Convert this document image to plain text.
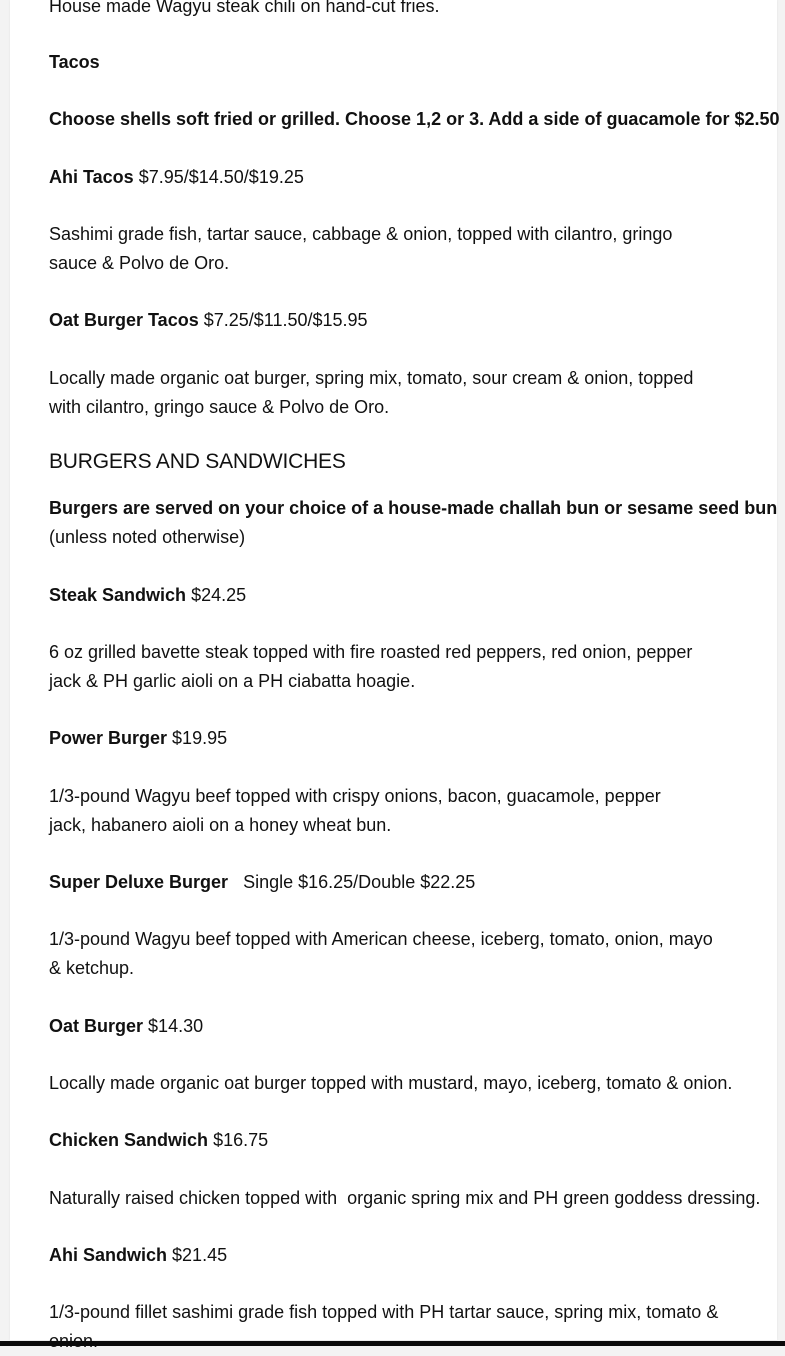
House made Wagyu steak chili on hand-cut fries.
Tacos
Choose shells soft fried or grilled. Choose 1,2 or 3. Add a side of guacamole for $2.50
Ahi Tacos $7.95/$14.50/$19.25
Sashimi grade fish, tartar sauce, cabbage & onion, topped with cilantro, gringo sauce & Polvo de Oro.
Oat Burger Tacos $7.25/$11.50/$15.95
Locally made organic oat burger, spring mix, tomato, sour cream & onion, topped with cilantro, gringo sauce & Polvo de Oro.
BURGERS AND SANDWICHES
Burgers are served on your choice of a house-made challah bun or sesame seed bun
(unless noted otherwise)
Steak Sandwich $24.25
6 oz grilled bavette steak topped with fire roasted red peppers, red onion, pepper jack & PH garlic aioli on a PH ciabatta hoagie.
Power Burger $19.95
1/3-pound Wagyu beef topped with crispy onions, bacon, guacamole, pepper jack, habanero aioli on a honey wheat bun.
Super Deluxe Burger Single $16.25/Double $22.25
1/3-pound Wagyu beef topped with American cheese, iceberg, tomato, onion, mayo & ketchup.
Oat Burger $14.30
Locally made organic oat burger topped with mustard, mayo, iceberg, tomato & onion.
Chicken Sandwich $16.75
Naturally raised chicken topped with  organic spring mix and PH green goddess dressing.
Ahi Sandwich $21.45
1/3-pound fillet sashimi grade fish topped with PH tartar sauce, spring mix, tomato &
